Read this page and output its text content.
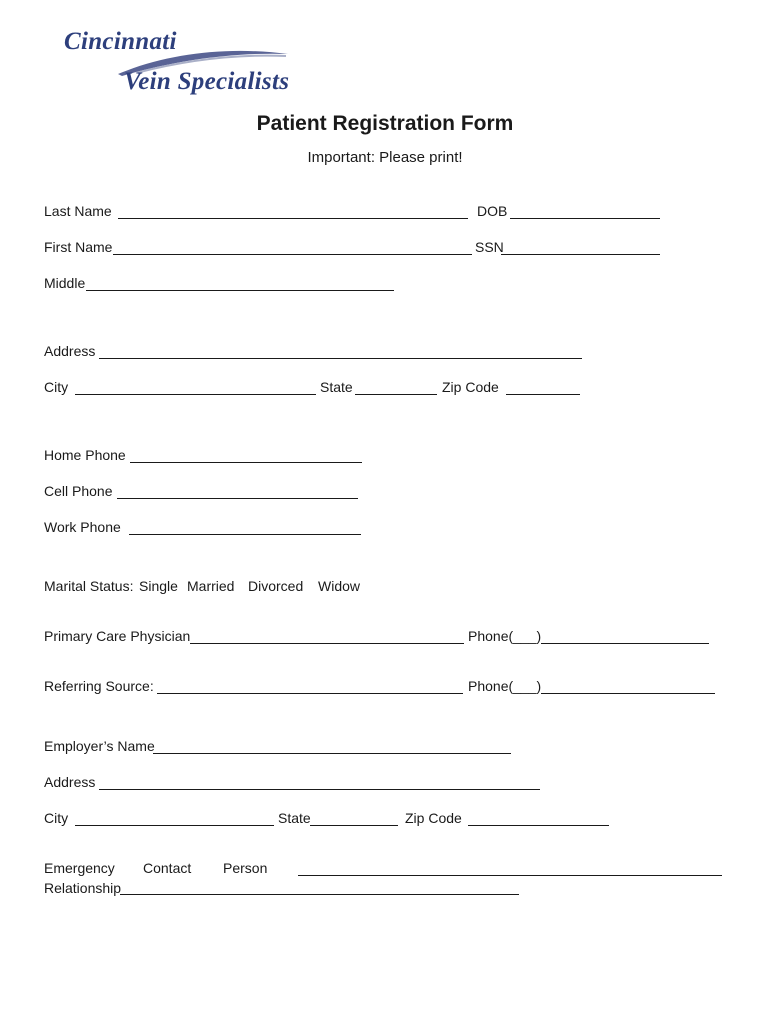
Cincinnati
Vein Specialists
Patient Registration Form
Important: Please print!
Last Name	DOB
First Name	SSN
Middle
Address
City	State	Zip Code
Home Phone
Cell Phone
Work Phone
Marital Status: Single Married Divorced Widow
Primary Care Physician	Phone(___)
Referring Source:	Phone(___)
Employer’s Name
Address
City	State	Zip Code
Emergency Contact Person
Relationship
